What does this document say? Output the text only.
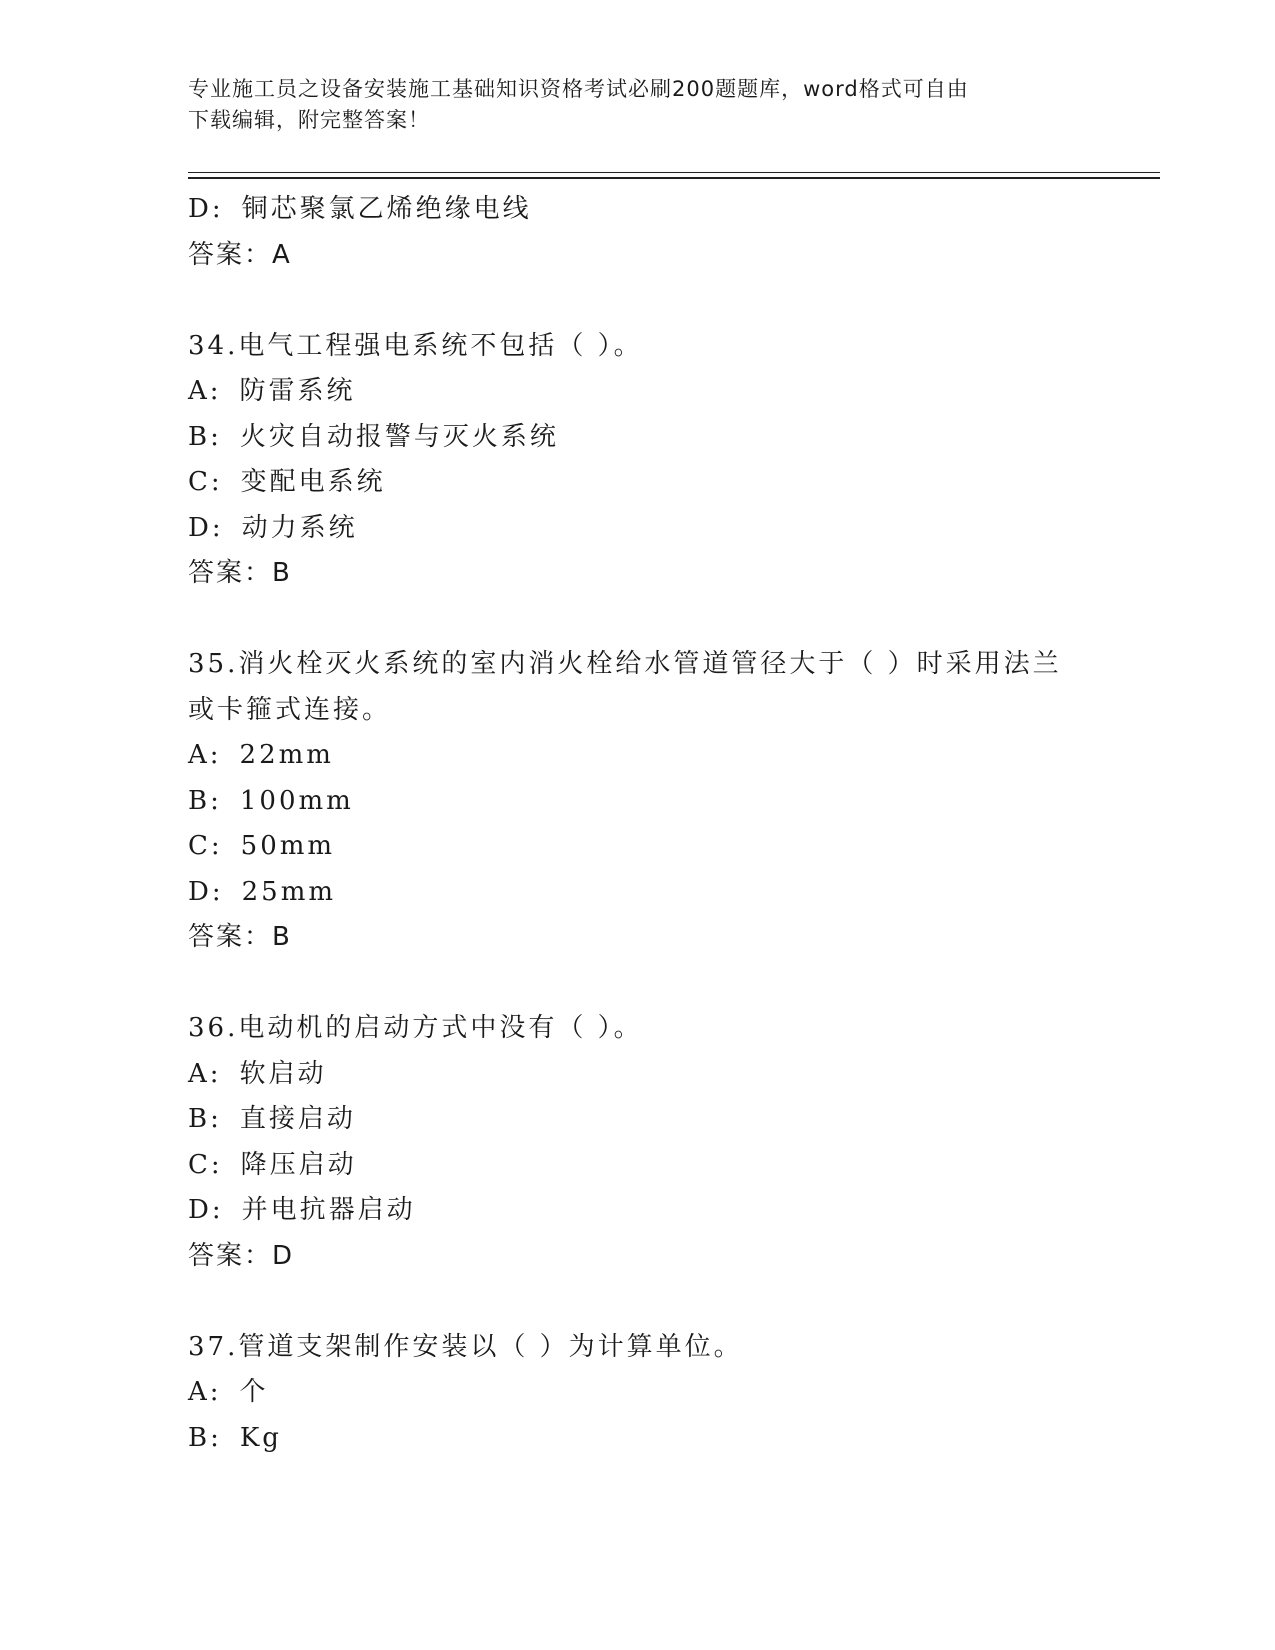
专业施工员之设备安装施工基础知识资格考试必刷200题题库，word格式可自由
下载编辑，附完整答案！
D: 铜芯聚氯乙烯绝缘电线
答案：A
34.电气工程强电系统不包括（ ）。
A: 防雷系统
B: 火灾自动报警与灭火系统
C: 变配电系统
D: 动力系统
答案：B
35.消火栓灭火系统的室内消火栓给水管道管径大于（ ）时采用法兰
或卡箍式连接。
A: 22mm
B: 100mm
C: 50mm
D: 25mm
答案：B
36.电动机的启动方式中没有（ ）。
A: 软启动
B: 直接启动
C: 降压启动
D: 并电抗器启动
答案：D
37.管道支架制作安装以（ ）为计算单位。
A: 个
B: Kg
